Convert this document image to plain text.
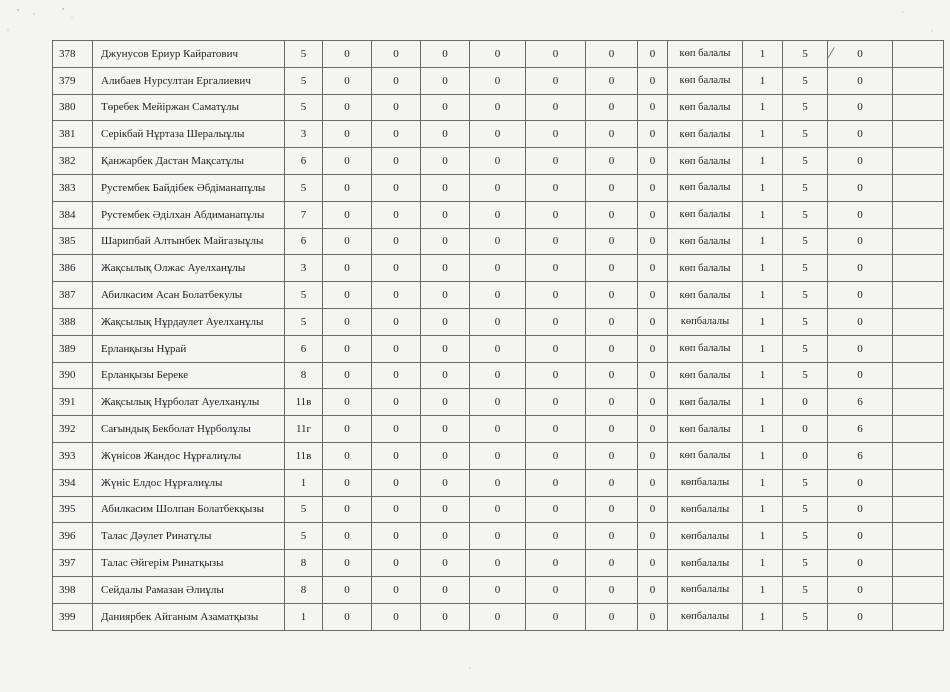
378	Джунусов Ериур Кайратович	5	0	0	0	0	0	0	0	көп балалы	1	5	0	
379	Алибаев Нурсултан Ергалиевич	5	0	0	0	0	0	0	0	көп балалы	1	5	0	
380	Төребек Мейіржан Саматұлы	5	0	0	0	0	0	0	0	көп балалы	1	5	0	
381	Серікбай Нұртаза Шералыұлы	3	0	0	0	0	0	0	0	көп балалы	1	5	0	
382	Қанжарбек Дастан Мақсатұлы	6	0	0	0	0	0	0	0	көп балалы	1	5	0	
383	Рустембек Байдібек Әбдіманапұлы	5	0	0	0	0	0	0	0	көп балалы	1	5	0	
384	Рустембек Әділхан Абдиманапұлы	7	0	0	0	0	0	0	0	көп балалы	1	5	0	
385	Шарипбай Алтынбек Майгазыұлы	6	0	0	0	0	0	0	0	көп балалы	1	5	0	
386	Жақсылық Олжас Ауелханұлы	3	0	0	0	0	0	0	0	көп балалы	1	5	0	
387	Абилкасим Асан Болатбекулы	5	0	0	0	0	0	0	0	көп балалы	1	5	0	
388	Жақсылық Нұрдаулет Ауелханұлы	5	0	0	0	0	0	0	0	көпбалалы	1	5	0	
389	Ерланқызы Нұрай	6	0	0	0	0	0	0	0	көп балалы	1	5	0	
390	Ерланқызы Береке	8	0	0	0	0	0	0	0	көп балалы	1	5	0	
391	Жақсылық Нұрболат Ауелханұлы	11в	0	0	0	0	0	0	0	көп балалы	1	0	6	
392	Сағындық Бекболат Нұрболұлы	11г	0	0	0	0	0	0	0	көп балалы	1	0	6	
393	Жүнісов Жандос Нұрғалиұлы	11в	0	0	0	0	0	0	0	көп балалы	1	0	6	
394	Жүніс Елдос Нұрғалиұлы	1	0	0	0	0	0	0	0	көпбалалы	1	5	0	
395	Абилкасим Шолпан Болатбекқызы	5	0	0	0	0	0	0	0	көпбалалы	1	5	0	
396	Талас Дәулет Ринатұлы	5	0	0	0	0	0	0	0	көпбалалы	1	5	0	
397	Талас Әйгерім Ринатқызы	8	0	0	0	0	0	0	0	көпбалалы	1	5	0	
398	Сейдалы Рамазан Әлиұлы	8	0	0	0	0	0	0	0	көпбалалы	1	5	0	
399	Даниярбек Айганым Азаматқызы	1	0	0	0	0	0	0	0	көпбалалы	1	5	0	
⁄
